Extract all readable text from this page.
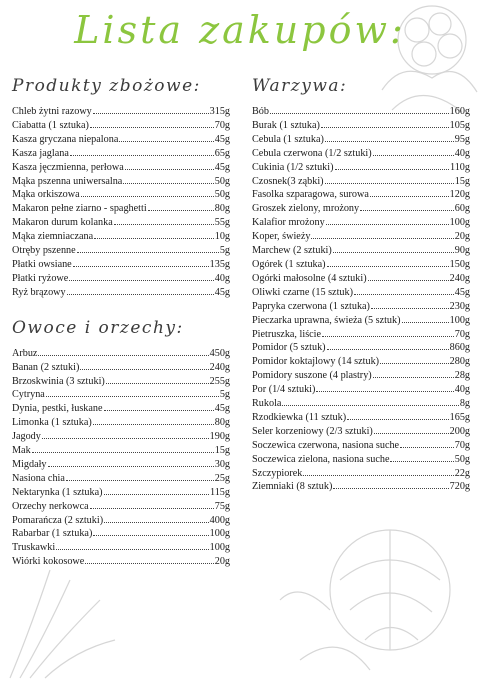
Lista zakupów:
Produkty zbożowe:
Chleb żytni razowy	315g
Ciabatta (1 sztuka)	70g
Kasza gryczana niepalona	45g
Kasza jaglana	65g
Kasza jęczmienna, perłowa	45g
Mąka pszenna uniwersalna	50g
Mąka orkiszowa	50g
Makaron pełne ziarno - spaghetti	80g
Makaron durum kolanka	55g
Mąka ziemniaczana	10g
Otręby pszenne	5g
Płatki owsiane	135g
Płatki ryżowe	40g
Ryż brązowy	45g
Owoce i orzechy:
Arbuz	450g
Banan (2 sztuki)	240g
Brzoskwinia (3 sztuki)	255g
Cytryna	5g
Dynia, pestki, łuskane	45g
Limonka (1 sztuka)	80g
Jagody	190g
Mak	15g
Migdały	30g
Nasiona chia	25g
Nektarynka (1 sztuka)	115g
Orzechy nerkowca	75g
Pomarańcza (2 sztuki)	400g
Rabarbar (1 sztuka)	100g
Truskawki	100g
Wiórki kokosowe	20g
Warzywa:
Bób	160g
Burak (1 sztuka)	105g
Cebula (1 sztuka)	95g
Cebula czerwona (1/2 sztuki)	40g
Cukinia (1/2 sztuki)	110g
Czosnek(3 ząbki)	15g
Fasolka szparagowa, surowa	120g
Groszek zielony, mrożony	60g
Kalafior mrożony	100g
Koper, świeży	20g
Marchew (2 sztuki)	90g
Ogórek (1 sztuka)	150g
Ogórki małosolne (4 sztuki)	240g
Oliwki czarne (15 sztuk)	45g
Papryka czerwona (1 sztuka)	230g
Pieczarka uprawna, świeża (5 sztuk)	100g
Pietruszka, liście	70g
Pomidor (5 sztuk)	860g
Pomidor koktajlowy (14 sztuk)	280g
Pomidory suszone (4 plastry)	28g
Por (1/4 sztuki)	40g
Rukola	8g
Rzodkiewka (11 sztuk)	165g
Seler korzeniowy (2/3 sztuki)	200g
Soczewica czerwona, nasiona suche	70g
Soczewica zielona, nasiona suche	50g
Szczypiorek	22g
Ziemniaki (8 sztuk)	720g
